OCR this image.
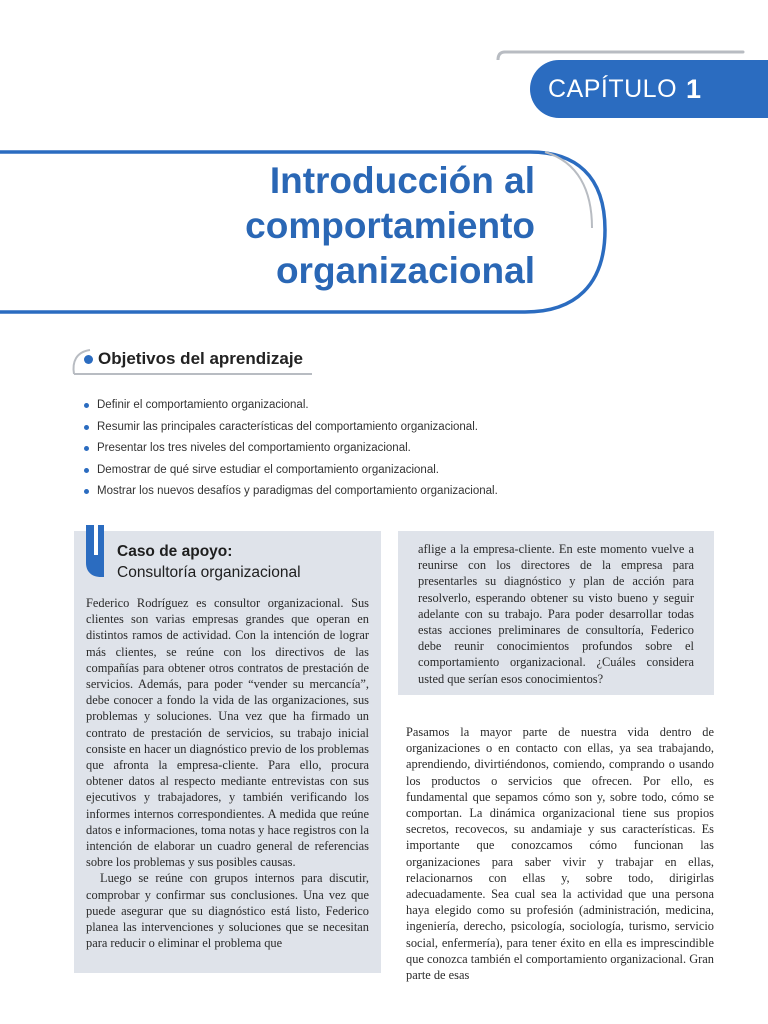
CAPÍTULO 1
Introducción al
comportamiento
organizacional
Objetivos del aprendizaje
Definir el comportamiento organizacional.
Resumir las principales características del comportamiento organizacional.
Presentar los tres niveles del comportamiento organizacional.
Demostrar de qué sirve estudiar el comportamiento organizacional.
Mostrar los nuevos desafíos y paradigmas del comportamiento organizacional.
Caso de apoyo:
Consultoría organizacional

Federico Rodríguez es consultor organizacional. Sus clientes son varias empresas grandes que operan en distintos ramos de actividad. Con la intención de lograr más clientes, se reúne con los directivos de las compañías para obtener otros contratos de prestación de servicios. Además, para poder “vender su mercancía”, debe conocer a fondo la vida de las organizaciones, sus problemas y soluciones. Una vez que ha firmado un contrato de prestación de servicios, su trabajo inicial consiste en hacer un diagnóstico previo de los problemas que afronta la empresa-cliente. Para ello, procura obtener datos al respecto mediante entrevistas con sus ejecutivos y trabajadores, y también verificando los informes internos correspondientes. A medida que reúne datos e informaciones, toma notas y hace registros con la intención de elaborar un cuadro general de referencias sobre los problemas y sus posibles causas.

Luego se reúne con grupos internos para discutir, comprobar y confirmar sus conclusiones. Una vez que puede asegurar que su diagnóstico está listo, Federico planea las intervenciones y soluciones que se necesitan para reducir o eliminar el problema que

aflige a la empresa-cliente. En este momento vuelve a reunirse con los directores de la empresa para presentarles su diagnóstico y plan de acción para resolverlo, esperando obtener su visto bueno y seguir adelante con su trabajo. Para poder desarrollar todas estas acciones preliminares de consultoría, Federico debe reunir conocimientos profundos sobre el comportamiento organizacional. ¿Cuáles considera usted que serían esos conocimientos?

Pasamos la mayor parte de nuestra vida dentro de organizaciones o en contacto con ellas, ya sea trabajando, aprendiendo, divirtiéndonos, comiendo, comprando o usando los productos o servicios que ofrecen. Por ello, es fundamental que sepamos cómo son y, sobre todo, cómo se comportan. La dinámica organizacional tiene sus propios secretos, recovecos, su andamiaje y sus características. Es importante que conozcamos cómo funcionan las organizaciones para saber vivir y trabajar en ellas, relacionarnos con ellas y, sobre todo, dirigirlas adecuadamente. Sea cual sea la actividad que una persona haya elegido como su profesión (administración, medicina, ingeniería, derecho, psicología, sociología, turismo, servicio social, enfermería), para tener éxito en ella es imprescindible que conozca también el comportamiento organizacional. Gran parte de esas
